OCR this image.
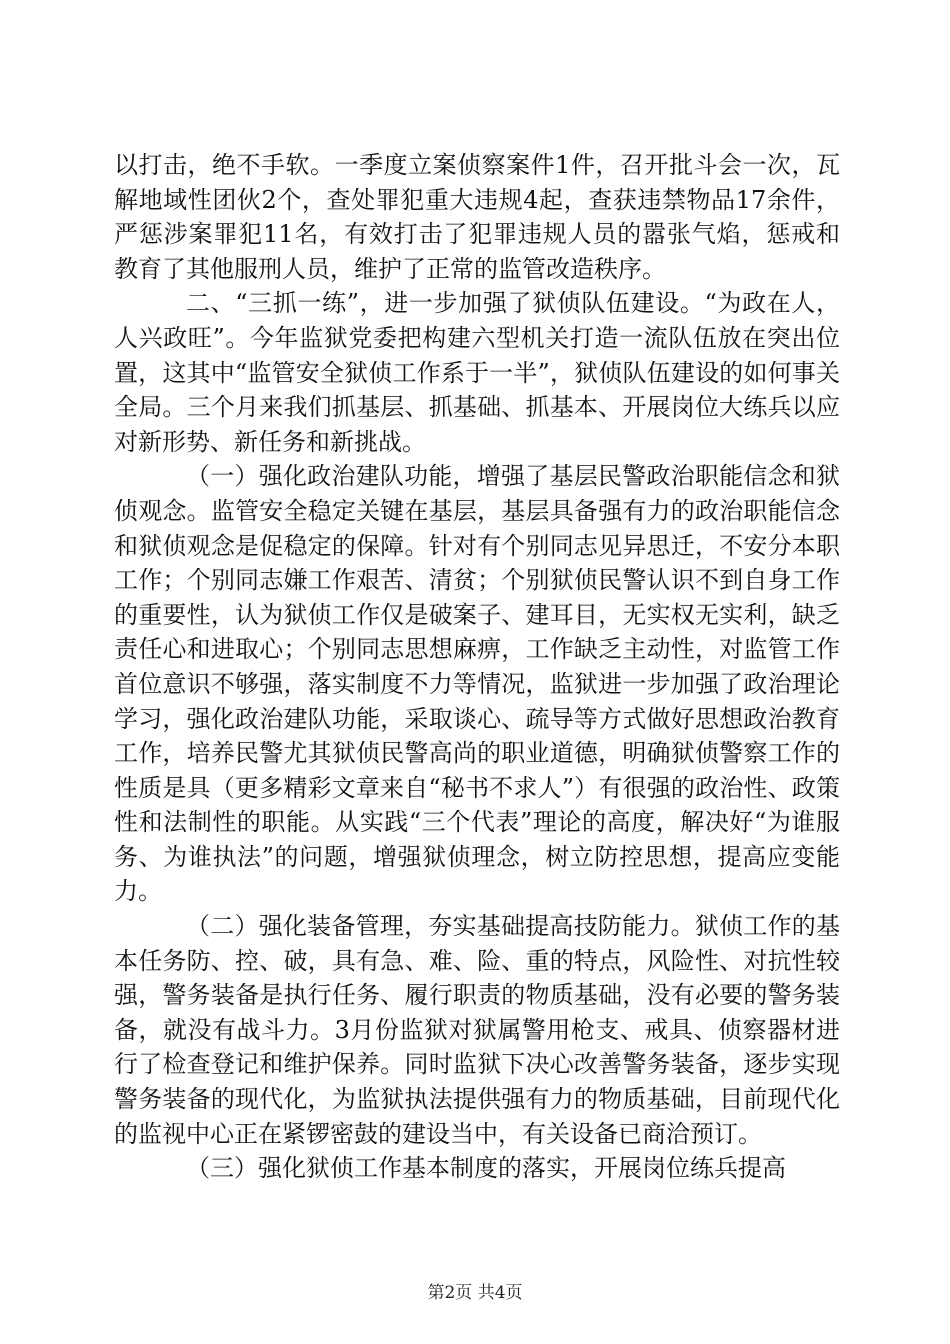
以打击，绝不手软。一季度立案侦察案件1件，召开批斗会一次，瓦解地域性团伙2个，查处罪犯重大违规4起，查获违禁物品17余件，严惩涉案罪犯11名，有效打击了犯罪违规人员的嚣张气焰，惩戒和教育了其他服刑人员，维护了正常的监管改造秩序。

二、“三抓一练”，进一步加强了狱侦队伍建设。“为政在人，人兴政旺”。今年监狱党委把构建六型机关打造一流队伍放在突出位置，这其中“监管安全狱侦工作系于一半”，狱侦队伍建设的如何事关全局。三个月来我们抓基层、抓基础、抓基本、开展岗位大练兵以应对新形势、新任务和新挑战。

（一）强化政治建队功能，增强了基层民警政治职能信念和狱侦观念。监管安全稳定关键在基层，基层具备强有力的政治职能信念和狱侦观念是促稳定的保障。针对有个别同志见异思迁，不安分本职工作；个别同志嫌工作艰苦、清贫；个别狱侦民警认识不到自身工作的重要性，认为狱侦工作仅是破案子、建耳目，无实权无实利，缺乏责任心和进取心；个别同志思想麻痹，工作缺乏主动性，对监管工作首位意识不够强，落实制度不力等情况，监狱进一步加强了政治理论学习，强化政治建队功能，采取谈心、疏导等方式做好思想政治教育工作，培养民警尤其狱侦民警高尚的职业道德，明确狱侦警察工作的性质是具（更多精彩文章来自“秘书不求人”）有很强的政治性、政策性和法制性的职能。从实践“三个代表”理论的高度，解决好“为谁服务、为谁执法”的问题，增强狱侦理念，树立防控思想，提高应变能力。

（二）强化装备管理，夯实基础提高技防能力。狱侦工作的基本任务防、控、破，具有急、难、险、重的特点，风险性、对抗性较强，警务装备是执行任务、履行职责的物质基础，没有必要的警务装备，就没有战斗力。3月份监狱对狱属警用枪支、戒具、侦察器材进行了检查登记和维护保养。同时监狱下决心改善警务装备，逐步实现警务装备的现代化，为监狱执法提供强有力的物质基础，目前现代化的监视中心正在紧锣密鼓的建设当中，有关设备已商洽预订。

（三）强化狱侦工作基本制度的落实，开展岗位练兵提高

第2页 共4页
